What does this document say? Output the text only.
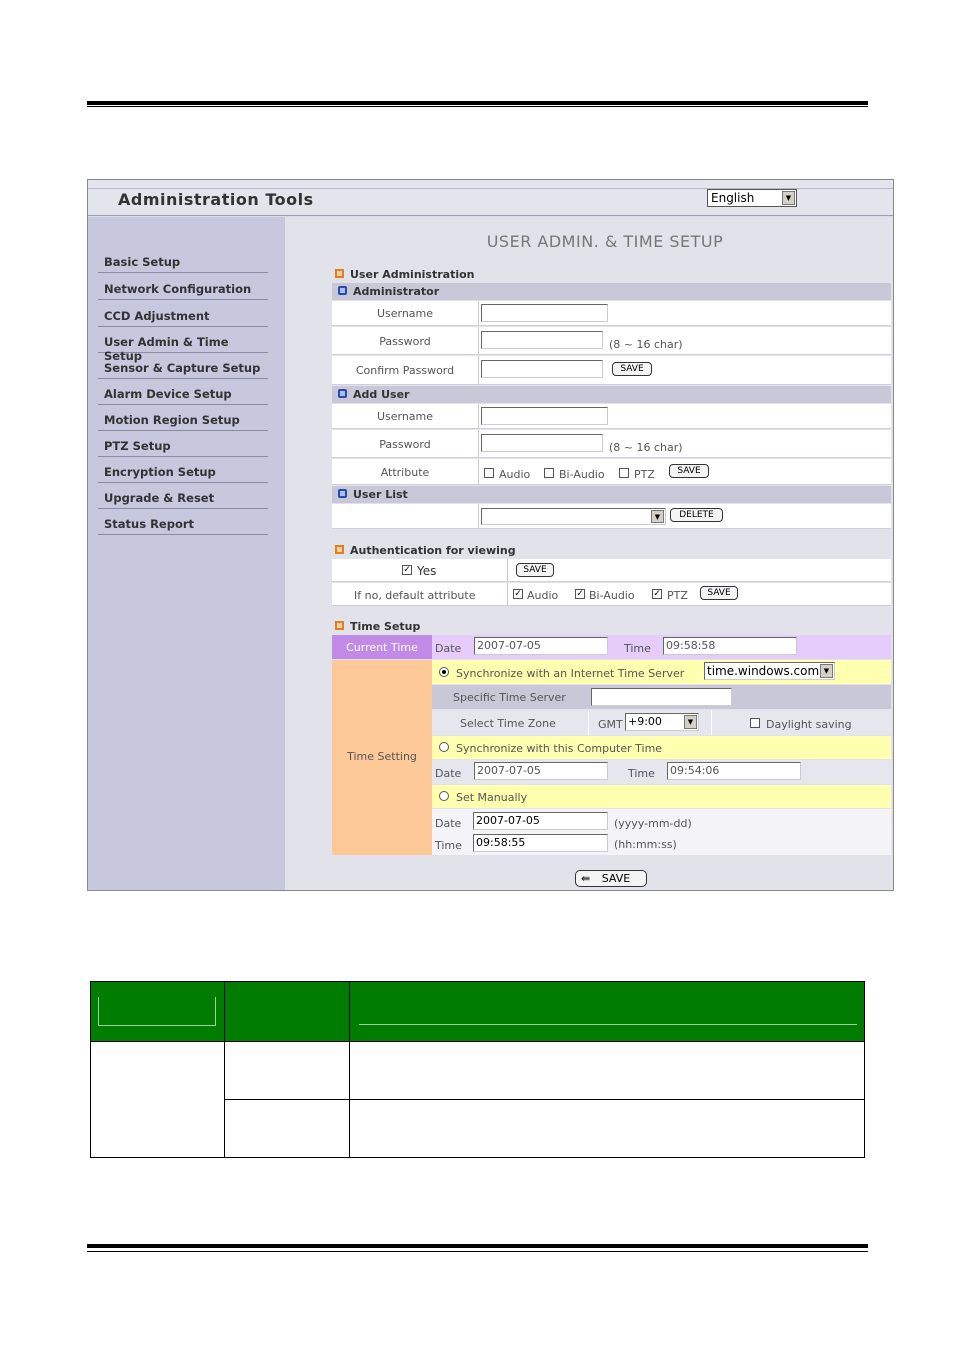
Administration Tools	English	▼
Basic Setup
Network Configuration
CCD Adjustment
User Admin & Time Setup
Sensor & Capture Setup
Alarm Device Setup
Motion Region Setup
PTZ Setup
Encryption Setup
Upgrade & Reset
Status Report
USER ADMIN. & TIME SETUP
User Administration
Administrator
Username
Password	(8 ~ 16 char)
Confirm Password	SAVE
Add User
Username
Password	(8 ~ 16 char)
Attribute	Audio	Bi-Audio	PTZ	SAVE
User List
▼	DELETE
Authentication for viewing
✓ Yes	SAVE
If no, default attribute	✓ Audio ✓ Bi-Audio ✓ PTZ	SAVE
Time Setup
Current Time	Date 2007-07-05	Time 09:58:58
Time Setting
Synchronize with an Internet Time Server time.windows.com ▼
Specific Time Server
Select Time Zone	GMT +9:00	▼	Daylight saving
Synchronize with this Computer Time
Date 2007-07-05	Time 09:54:06
Set Manually
Date 2007-07-05	(yyyy-mm-dd)
Time 09:58:55	(hh:mm:ss)
⇚ SAVE
